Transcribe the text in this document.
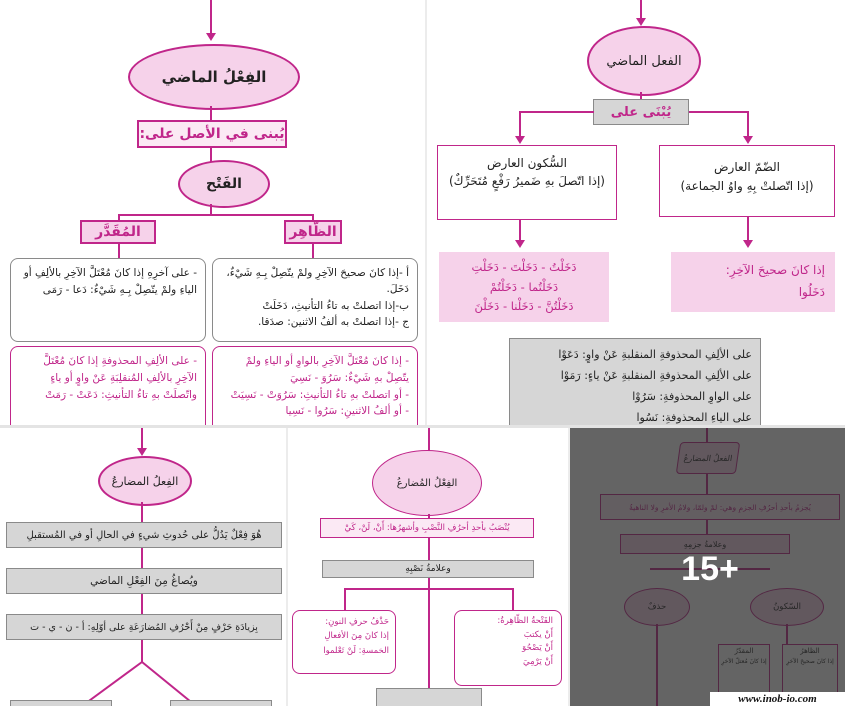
الفِعْلُ الماضي
يُبنى في الأصل على:
الفَتْح
المُقَدَّر	الظّاهِر
أ -إذا كانَ صحيحَ الآخِرِ ولمْ يتّصِلْ بِـهِ شَيْءٌ، دَخَلَ.
ب-إذا اتصلتْ به تاءُ التأنيثِ، دَخَلَتْ
ج -إذا اتصلتْ به ألفُ الاثنين: صدَقا.
- على آخرِهِ إذا كانَ مُعْتَلَّ الآخِرِ بالألِفِ أو الياءِ ولمْ يتّصِلْ بِـهِ شَيْءٌ: دَعا - رَمَى
- إذا كانَ مُعْتَلَّ الآخِرِ بالواوِ أو الياءِ ولمْ يتّصِلْ بهِ شَيْءٌ: سَرُوَ - نَسِيَ
- أو اتصلتْ بهِ تاءُ التأنيثِ: سَرُوَتْ - نَسِيَتْ
- أو ألفُ الاثنينِ: سَرُوا - نَسِيا
- على الألِفِ المحذوفةِ إذا كانَ مُعْتَلَّ الآخِرِ بالألِفِ المُنقلِبَةِ عَنْ واوٍ أو ياءٍ واتّصلَتْ بهِ تاءُ التأنيثِ: دَعَتْ - رَمَتْ
الفعل الماضي
يُبْنَى على
السُّكون العارض
(إذا اتّصلَ بهِ ضَميرُ رَفْعٍ مُتَحَرِّكٌ)
الضّمّ العارض
(إذا اتّصلتْ بِهِ واوُ الجماعة)
دَخَلْتُ - دَخَلْتَ - دَخَلْتِ
دَخَلْتُما - دَخَلْتُمْ
دَخَلْتُنَّ - دَخَلْنا - دَخَلْنَ
إذا كانَ صحيحَ الآخِرِ:
دَخَلُوا
على الألِفِ المحذوفةِ المنقلبةِ عَنْ واوٍ: دَعَوْا
على الألِفِ المحذوفةِ المنقلبةِ عَنْ ياءٍ: رَمَوْا
على الواوِ المحذوفةِ: سَرُوْا
على الياءِ المحذوفةِ: نَسُوا
الفِعلُ المضارعُ
هُوَ فِعْلٌ يَدُلُّ على حُدوثِ شيءٍ في الحالِ أو في المُستقبلِ
ويُصاغُ مِنَ الفِعْلِ الماضي
بِزيادَةِ حَرْفٍ مِنْ أَحْرُفِ المُضارَعَةِ على أوّلِهِ: أ - ن - ي - ت
الفِعْلُ المُضارعُ
يُنْصَبُ بأحدِ أحرُفِ النَّصْبِ وأشهرُها: أَنْ، لَنْ، كَيْ
وعلامةُ نَصْبِهِ
حَذْفُ حرفِ النونِ:
إذا كانَ مِنَ الأفعالِ الخمسةِ: لَنْ تَعْلموا
الفَتْحةُ الظّاهِرةُ:
أَنْ يكتبَ
أَنْ يَصْحُوَ
أَنْ يَرْمِيَ
15+
www.inob-io.com
